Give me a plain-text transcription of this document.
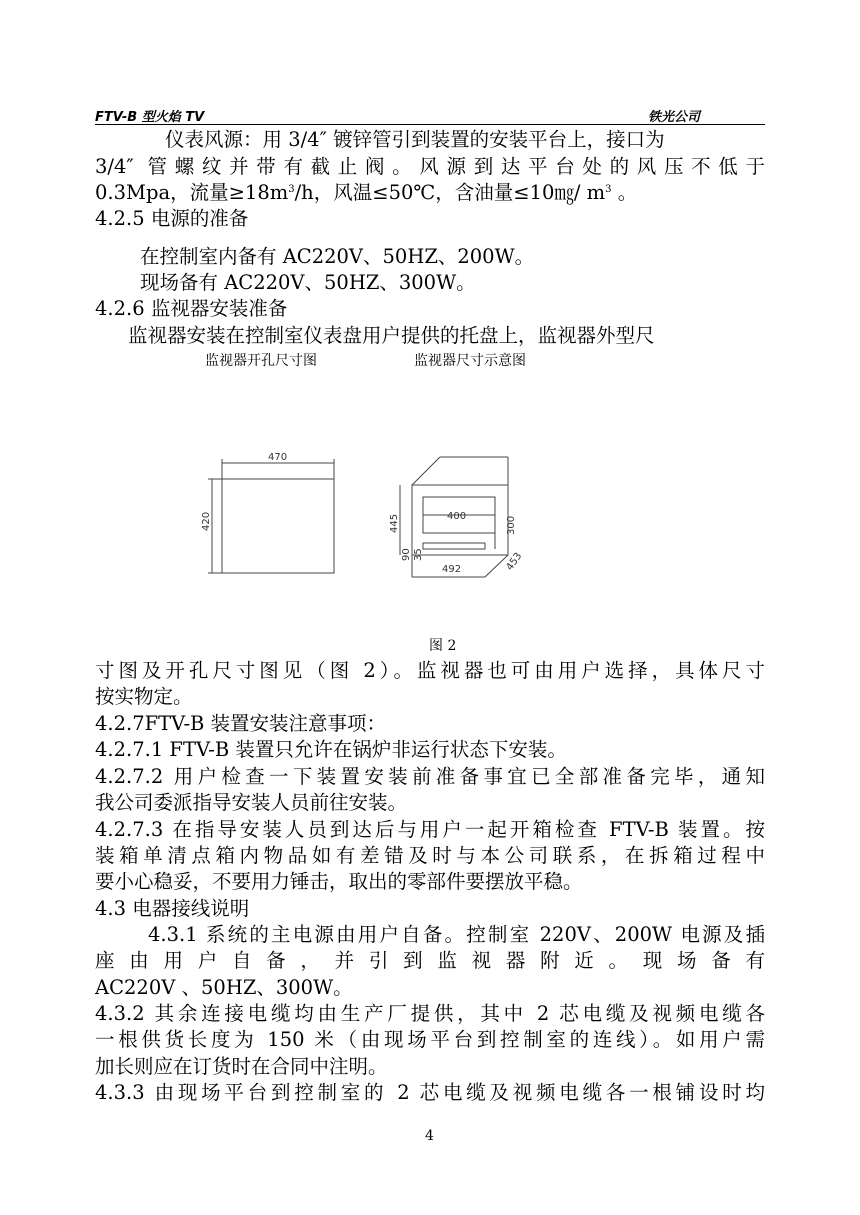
FTV-B 型火焰 TV	铁光公司
仪表风源：用 3/4″ 镀锌管引到装置的安装平台上，接口为
3/4″ 管螺纹并带有截止阀。风源到达平台处的风压不低于
0.3Mpa，流量$\ge 18m^3/h$，风温≤50℃，含油量≤10㎎/ $m^3$ 。
4.2.5 电源的准备
在控制室内备有 AC220V、50HZ、200W。
现场备有 AC220V、50HZ、300W。
4.2.6 监视器安装准备
监视器安装在控制室仪表盘用户提供的托盘上，监视器外型尺
监视器开孔尺寸图	监视器尺寸示意图
470
420	400
445
90 35
300
453
492
图 2
寸图及开孔尺寸图见（图 2）。监视器也可由用户选择，具体尺寸
按实物定。
4.2.7FTV-B 装置安装注意事项：
4.2.7.1 FTV-B 装置只允许在锅炉非运行状态下安装。
4.2.7.2 用户检查一下装置安装前准备事宜已全部准备完毕，通知
我公司委派指导安装人员前往安装。
4.2.7.3 在指导安装人员到达后与用户一起开箱检查 FTV-B 装置。按
装箱单清点箱内物品如有差错及时与本公司联系，在拆箱过程中
要小心稳妥，不要用力锤击，取出的零部件要摆放平稳。
4.3 电器接线说明
4.3.1 系统的主电源由用户自备。控制室 220V、200W 电源及插
座 由 用 户 自 备 ， 并 引 到 监 视 器 附 近 。 现 场 备 有
AC220V 、50HZ、300W。
4.3.2 其余连接电缆均由生产厂提供，其中 2 芯电缆及视频电缆各
一根供货长度为 150 米（由现场平台到控制室的连线）。如用户需
加长则应在订货时在合同中注明。
4.3.3 由现场平台到控制室的 2 芯电缆及视频电缆各一根铺设时均
4
